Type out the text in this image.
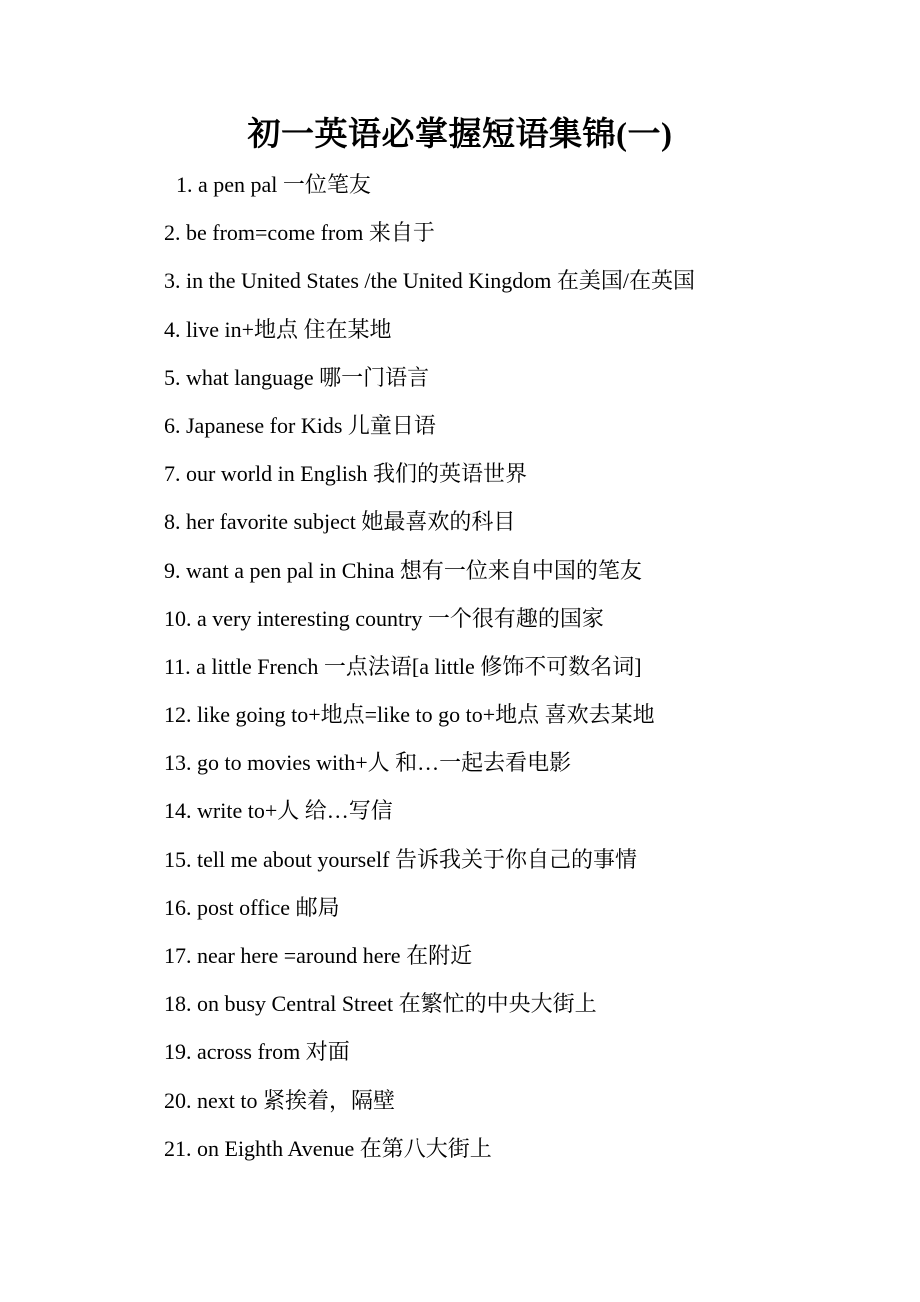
初一英语必掌握短语集锦(一)
1. a pen pal 一位笔友
2. be from=come from 来自于
3. in the United States /the United Kingdom 在美国/在英国
4. live in+地点 住在某地
5. what language 哪一门语言
6. Japanese for Kids 儿童日语
7. our world in English 我们的英语世界
8. her favorite subject 她最喜欢的科目
9. want a pen pal in China 想有一位来自中国的笔友
10. a very interesting country 一个很有趣的国家
11. a little French 一点法语[a little 修饰不可数名词]
12. like going to+地点=like to go to+地点 喜欢去某地
13. go to movies with+人 和…一起去看电影
14. write to+人 给…写信
15. tell me about yourself 告诉我关于你自己的事情
16. post office 邮局
17. near here =around here 在附近
18. on busy Central Street 在繁忙的中央大街上
19. across from 对面
20. next to 紧挨着，隔壁
21. on Eighth Avenue 在第八大街上
